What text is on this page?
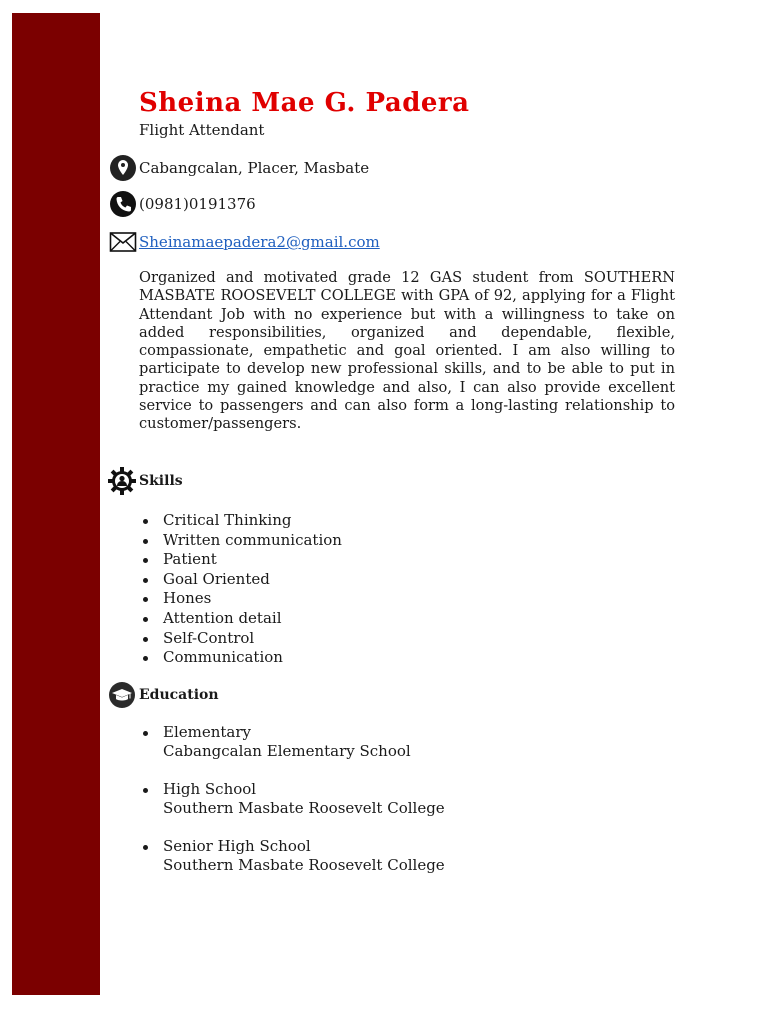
Sheina Mae G. Padera
Flight Attendant
Cabangcalan, Placer, Masbate
(0981)0191376
Sheinamaepadera2@gmail.com

Organized and motivated grade 12 GAS student from SOUTHERN MASBATE ROOSEVELT COLLEGE with GPA of 92, applying for a Flight Attendant Job with no experience but with a willingness to take on added responsibilities, organized and dependable, flexible, compassionate, empathetic and goal oriented. I am also willing to participate to develop new professional skills, and to be able to put in practice my gained knowledge and also, I can also provide excellent service to passengers and can also form a long-lasting relationship to customer/passengers.

Skills
Critical Thinking
Written communication
Patient
Goal Oriented
Hones
Attention detail
Self-Control
Communication
Education
Elementary
Cabangcalan Elementary School
High School
Southern Masbate Roosevelt College
Senior High School
Southern Masbate Roosevelt College
